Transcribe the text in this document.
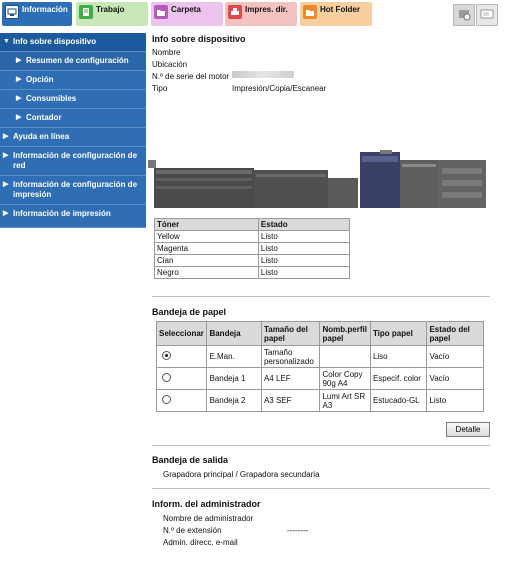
Información	Trabajo	Carpeta	Impres. dir.	Hot Folder
▼ Info sobre dispositivo
▶ Resumen de configuración
▶ Opción
▶ Consumibles
▶ Contador
▶ Ayuda en línea
▶ Información de configuración de red
▶ Información de configuración de impresión
▶ Información de impresión
Info sobre dispositivo
Nombre
Ubicación
N.º de serie del motor
Tipo	Impresión/Copia/Escanear
Tóner	Estado
Yellow	Listo
Magenta	Listo
Cian	Listo
Negro	Listo
Bandeja de papel
Seleccionar	Bandeja	Tamaño del papel	Nomb.perfil papel	Tipo papel	Estado del papel
	E.Man.	Tamaño personalizado		Liso	Vacío
	Bandeja 1	A4 LEF	Color Copy 90g A4	Especif. color	Vacío
	Bandeja 2	A3 SEF	Lumi Art SR A3	Estucado-GL	Listo
Detalle
Bandeja de salida
Grapadora principal / Grapadora secundaria
Inform. del administrador
Nombre de administrador
N.º de extensión	--------
Admin. direcc. e-mail
